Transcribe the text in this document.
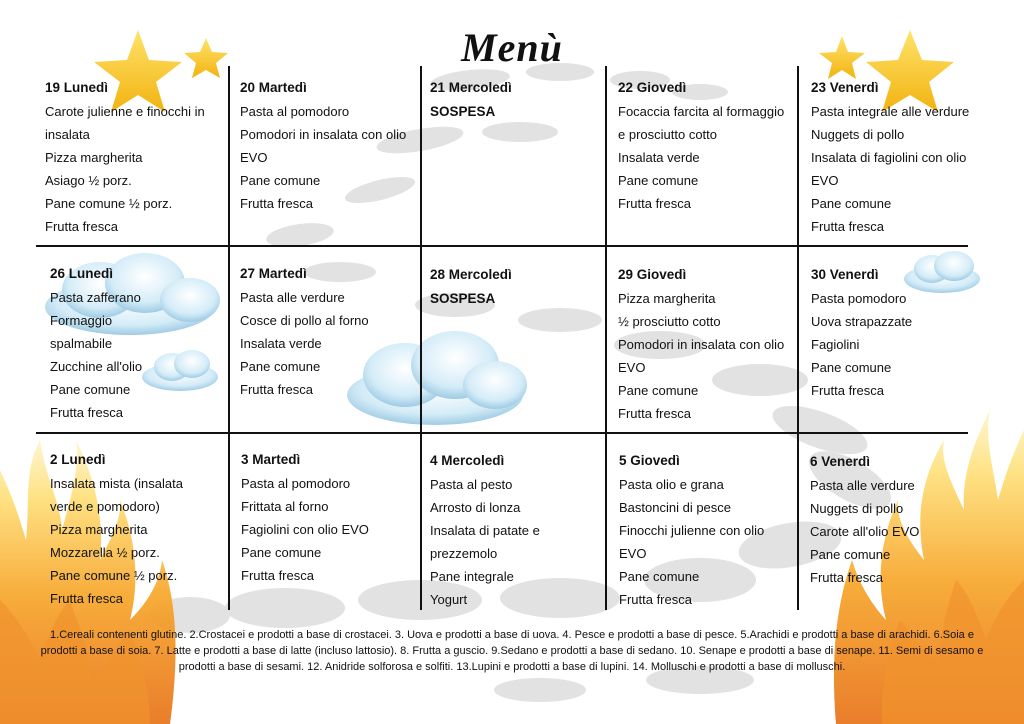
Menù
19 Lunedì
Carote julienne e finocchi in
insalata
Pizza margherita
Asiago ½ porz.
Pane comune ½ porz.
Frutta fresca
20 Martedì
Pasta al pomodoro
Pomodori in insalata con olio
EVO
Pane comune
Frutta fresca
21 Mercoledì
SOSPESA
22 Giovedì
Focaccia farcita al formaggio
e prosciutto cotto
Insalata verde
Pane comune
Frutta fresca
23 Venerdì
Pasta integrale alle verdure
Nuggets di pollo
Insalata di fagiolini con olio
EVO
Pane comune
Frutta fresca
26 Lunedì
Pasta zafferano
Formaggio
spalmabile
Zucchine all'olio
Pane comune
Frutta fresca
27 Martedì
Pasta alle verdure
Cosce di pollo al forno
Insalata verde
Pane comune
Frutta fresca
28 Mercoledì
SOSPESA
29 Giovedì
Pizza margherita
½ prosciutto cotto
Pomodori in insalata con olio
EVO
Pane comune
Frutta fresca
30 Venerdì
Pasta pomodoro
Uova strapazzate
Fagiolini
Pane comune
Frutta fresca
2 Lunedì
Insalata mista (insalata
verde e pomodoro)
Pizza margherita
Mozzarella ½ porz.
Pane comune ½ porz.
Frutta fresca
3 Martedì
Pasta al pomodoro
Frittata al forno
Fagiolini con olio EVO
Pane comune
Frutta fresca
4 Mercoledì
Pasta al pesto
Arrosto di lonza
Insalata di patate e
prezzemolo
Pane integrale
Yogurt
5 Giovedì
Pasta olio e grana
Bastoncini di pesce
Finocchi julienne con olio
EVO
Pane comune
Frutta fresca
6 Venerdì
Pasta alle verdure
Nuggets di pollo
Carote all'olio EVO
Pane comune
Frutta fresca
1.Cereali contenenti glutine. 2.Crostacei e prodotti a base di crostacei. 3. Uova e prodotti a base di uova. 4. Pesce e prodotti a base di pesce. 5.Arachidi e prodotti a base di arachidi. 6.Soia e prodotti a base di soia. 7. Latte e prodotti a base di latte (incluso lattosio). 8. Frutta a guscio. 9.Sedano e prodotti a base di sedano. 10. Senape e prodotti a base di senape. 11. Semi di sesamo e prodotti a base di sesami. 12. Anidride solforosa e solfiti. 13.Lupini e prodotti a base di lupini. 14. Molluschi e prodotti a base di molluschi.
